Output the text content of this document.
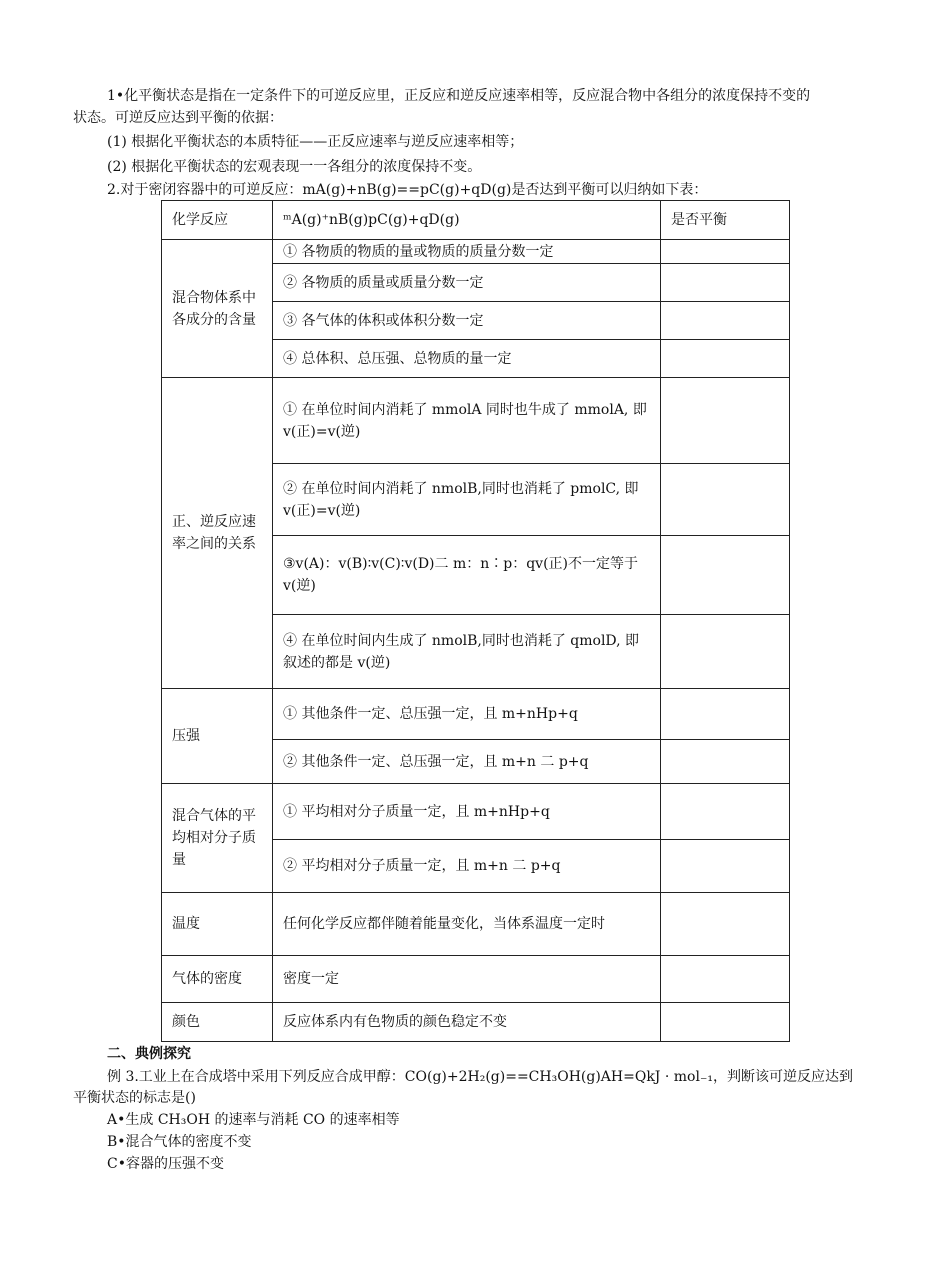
1•化平衡状态是指在一定条件下的可逆反应里，正反应和逆反应速率相等，反应混合物中各组分的浓度保持不变的
状态。可逆反应达到平衡的依据：
(1) 根据化平衡状态的本质特征——正反应速率与逆反应速率相等；
(2) 根据化平衡状态的宏观表现一一各组分的浓度保持不变。
2.对于密闭容器中的可逆反应：mA(g)+nB(g)==pC(g)+qD(g)是否达到平衡可以归纳如下表：
化学反应	ᵐA(g)⁺nB(g)pC(g)+qD(g)	是否平衡
混合物体系中各成分的含量	① 各物质的物质的量或物质的质量分数一定	
	② 各物质的质量或质量分数一定	
	③ 各气体的体积或体积分数一定	
	④ 总体积、总压强、总物质的量一定	
正、逆反应速率之间的关系	① 在单位时间内消耗了 mmolA 同时也牛成了 mmolA, 即 v(正)=v(逆)	
	② 在单位时间内消耗了 nmolB,同时也消耗了 pmolC, 即 v(正)=v(逆)	
	③v(A)：v(B)∶v(C)∶v(D)二 m：n∶p：qv(正)不一定等于 v(逆)	
	④ 在单位时间内生成了 nmolB,同时也消耗了 qmolD, 即叙述的都是 v(逆)	
压强	① 其他条件一定、总压强一定，且 m+nHp+q	
	② 其他条件一定、总压强一定，且 m+n 二 p+q	
混合气体的平均相对分子质量	① 平均相对分子质量一定，且 m+nHp+q	
	② 平均相对分子质量一定，且 m+n 二 p+q	
温度	任何化学反应都伴随着能量变化，当体系温度一定时	
气体的密度	密度一定	
颜色	反应体系内有色物质的颜色稳定不变	
二、典例探究
例 3.工业上在合成塔中采用下列反应合成甲醇：CO(g)+2H₂(g)==CH₃OH(g)AH=QkJ · mol₋₁，判断该可逆反应达到
平衡状态的标志是()
A•生成 CH₃OH 的速率与消耗 CO 的速率相等
B•混合气体的密度不变
C•容器的压强不变
